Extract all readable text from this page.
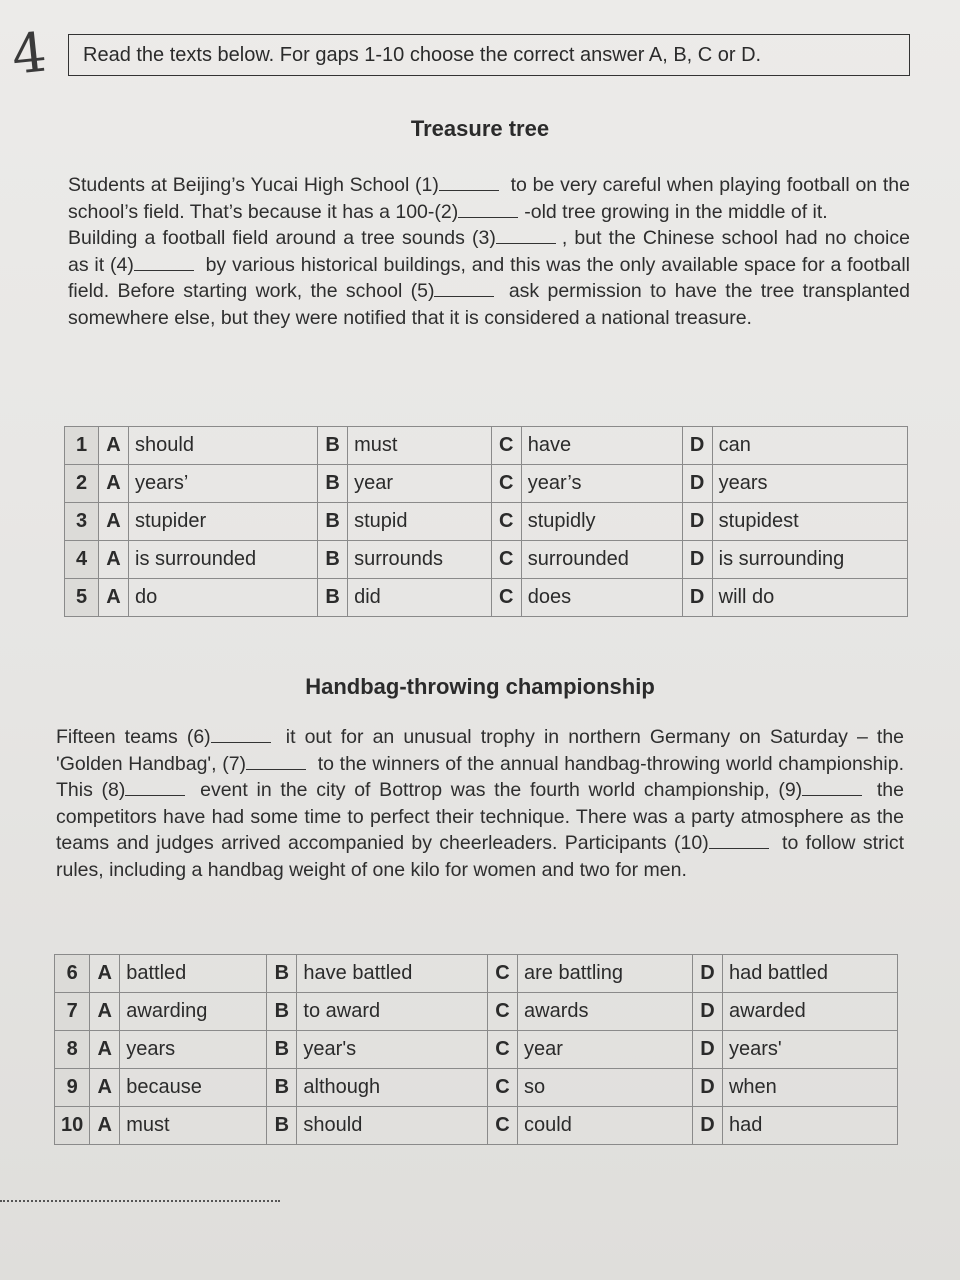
4 Read the texts below. For gaps 1-10 choose the correct answer A, B, C or D.
Treasure tree

Students at Beijing’s Yucai High School (1)	to be very careful when playing football on the school’s field. That’s because it has a 100-(2)	-old tree growing in the middle of it.

Building a football field around a tree sounds (3)	, but the Chinese school had no choice as it (4)	by various historical buildings, and this was the only available space for a football field. Before starting work, the school (5)	ask permission to have the tree transplanted somewhere else, but they were notified that it is considered a national treasure.

1	A	should	B	must	C	have	D	can
2	A	years’	B	year	C	year’s	D	years
3	A	stupider	B	stupid	C	stupidly	D	stupidest
4	A	is surrounded	B	surrounds	C	surrounded	D	is surrounding
5	A	do	B	did	C	does	D	will do
Handbag-throwing championship

Fifteen teams (6)	it out for an unusual trophy in northern Germany on Saturday – the 'Golden Handbag', (7)	to the winners of the annual handbag-throwing world championship. This (8)	event in the city of Bottrop was the fourth world championship, (9)	the competitors have had some time to perfect their technique. There was a party atmosphere as the teams and judges arrived accompanied by cheerleaders. Participants (10)	to follow strict rules, including a handbag weight of one kilo for women and two for men.

6	A	battled	B	have battled	C	are battling	D	had battled
7	A	awarding	B	to award	C	awards	D	awarded
8	A	years	B	year's	C	year	D	years'
9	A	because	B	although	C	so	D	when
10	A	must	B	should	C	could	D	had
